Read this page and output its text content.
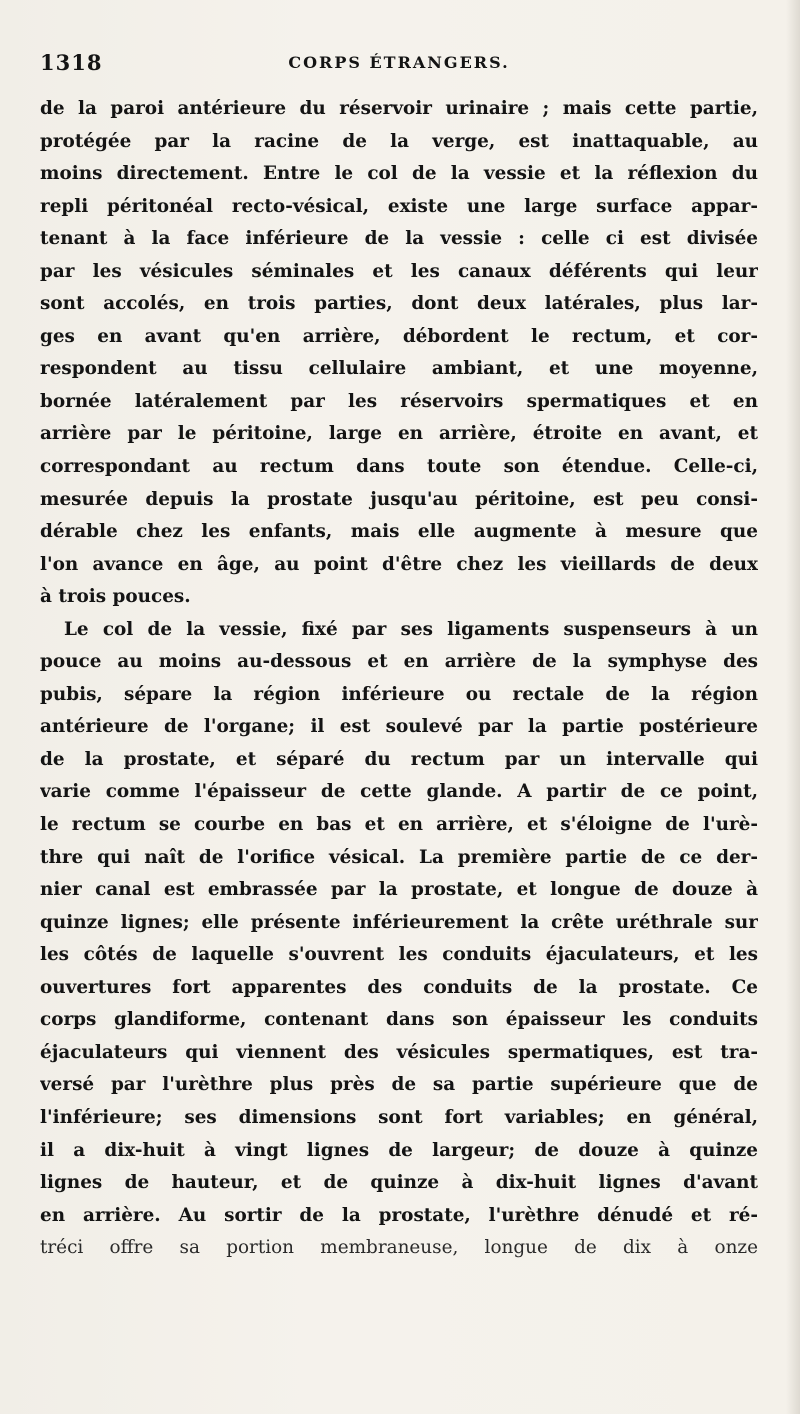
1318	CORPS ÉTRANGERS.
de la paroi antérieure du réservoir urinaire ; mais cette partie,
protégée par la racine de la verge, est inattaquable, au
moins directement. Entre le col de la vessie et la réflexion du
repli péritonéal recto-vésical, existe une large surface appar-
tenant à la face inférieure de la vessie : celle ci est divisée
par les vésicules séminales et les canaux déférents qui leur
sont accolés, en trois parties, dont deux latérales, plus lar-
ges en avant qu'en arrière, débordent le rectum, et cor-
respondent au tissu cellulaire ambiant, et une moyenne,
bornée latéralement par les réservoirs spermatiques et en
arrière par le péritoine, large en arrière, étroite en avant, et
correspondant au rectum dans toute son étendue. Celle-ci,
mesurée depuis la prostate jusqu'au péritoine, est peu consi-
dérable chez les enfants, mais elle augmente à mesure que
l'on avance en âge, au point d'être chez les vieillards de deux
à trois pouces.
Le col de la vessie, fixé par ses ligaments suspenseurs à un
pouce au moins au-dessous et en arrière de la symphyse des
pubis, sépare la région inférieure ou rectale de la région
antérieure de l'organe; il est soulevé par la partie postérieure
de la prostate, et séparé du rectum par un intervalle qui
varie comme l'épaisseur de cette glande. A partir de ce point,
le rectum se courbe en bas et en arrière, et s'éloigne de l'urè-
thre qui naît de l'orifice vésical. La première partie de ce der-
nier canal est embrassée par la prostate, et longue de douze à
quinze lignes; elle présente inférieurement la crête uréthrale sur
les côtés de laquelle s'ouvrent les conduits éjaculateurs, et les
ouvertures fort apparentes des conduits de la prostate. Ce
corps glandiforme, contenant dans son épaisseur les conduits
éjaculateurs qui viennent des vésicules spermatiques, est tra-
versé par l'urèthre plus près de sa partie supérieure que de
l'inférieure; ses dimensions sont fort variables; en général,
il a dix-huit à vingt lignes de largeur; de douze à quinze
lignes de hauteur, et de quinze à dix-huit lignes d'avant
en arrière. Au sortir de la prostate, l'urèthre dénudé et ré-
tréci offre sa portion membraneuse, longue de dix à onze
